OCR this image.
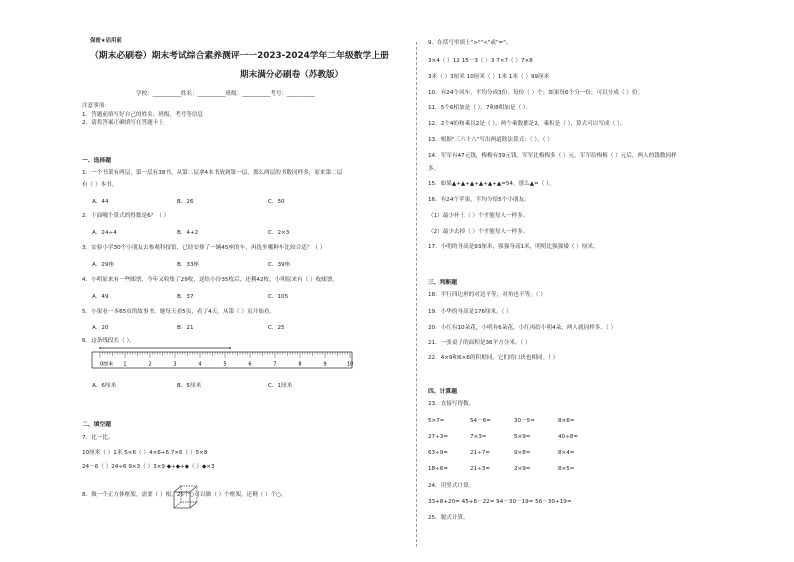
保密★启用前
（期末必刷卷）期末考试综合素养测评一一2023-2024学年二年级数学上册
期末满分必刷卷（苏教版）
学校：__________姓名：__________班级：__________考号：__________
注意事项：
1．答题前填写好自己的姓名、班级、考号等信息
2．请将答案正确填写在答题卡上
一、选择题
1．一个书架有两层，第一层有38书，从第二层拿4本书放到第一层，那么两层的书数同样多，原来第二层
有（ ）本书。
A．44	B．26	C．50
2．下面哪个算式的得数是6？（ ）
A．24÷4	B．4+2	C．2×3
3．实验小学30个小朋友去参观科技馆，已经安排了一辆45座的车，再选坐哪种车比较合适？（ ）
A．29座	B．33座	C．39座
4．小明原来有一些邮票，今年又收集了29枚，送给小玲35枚后，还剩42枚，小明原来有（ ）枚邮票。
A．49	B．37	C．105
5．小果看一本65页的故事书，她每天看5页，看了4天。从第（ ）页开始看。
A．20	B．21	C．25
6．这条线段长（ ）。
0厘米 1	2	3	4	5	6	7	8	9	10
A．6厘米	B．5厘米	C．1厘米
二、填空题
7．比一比。
10厘米（ ）1米 5×6（ ）4×6+6 7×6（ ）5×8
24－6（ ）24÷6 9×3（ ）3×9 ◆+◆+◆（ ）◆×3
8．做一个正方体框架，需要（ ）根，25个○可以做（ ）个框架，还剩（ ）个○。
9．在括号里填上">""<"或"="。
3×4（ ）12 15－3（ ）3 7×7（ ）7×8
3米（ ）3厘米 10厘米（ ）1米 1米（ ）99厘米
10．有24个风车，平均分成3份，每份（ ）个；如果每6个分一份，可以分成（ ）份。
11．5个6相加是（ ），7和8相加是（ ）。
12．2个4的和乘以2是（ ），两个乘数都是2，乘积是（ ），算式可以写成（ ）。
13．根据"三六十八"写出两道除法算式：（ ），（ ）
14．军军有47元钱，梅梅有39元钱。军军比梅梅多（ ）元，军军给梅梅（ ）元后，两人的钱数同样
多。
15．如果▲+▲+▲+▲+▲+▲=54，那么▲=（ ）。
16．有24个苹果，平均分给5个小朋友。
（1）最少补上（ ）个才能每人一样多。
（2）最少去掉（ ）个才能每人一样多。
17．小明的身高是93厘米，强强身高1米，明明比强强矮（ ）厘米。
三、判断题
18．平行四边形的对边平等，对角也不等。（ ）
19．小华的身高是176厘米。（ ）
20．小红有10朵花，小明有6朵花，小红再给小明4朵，两人就同样多。（ ）
21．一张桌子的面积是36平方分米。（ ）
22．4×9和6×6的积相同，它们的口诀也相同。（ ）
四、计算题
23．直接写得数。
5×7=	54－6=	30－5=	8×6=
27÷3=	7×3=	5×9=	40÷8=
63÷9=	21÷7=	9×8=	8×4=
18÷6=	21÷3=	2×9=	8×5=
24．用竖式计算。
33+8+20= 45+6－22= 94－30－19= 56－30+19=
25．脱式计算。
